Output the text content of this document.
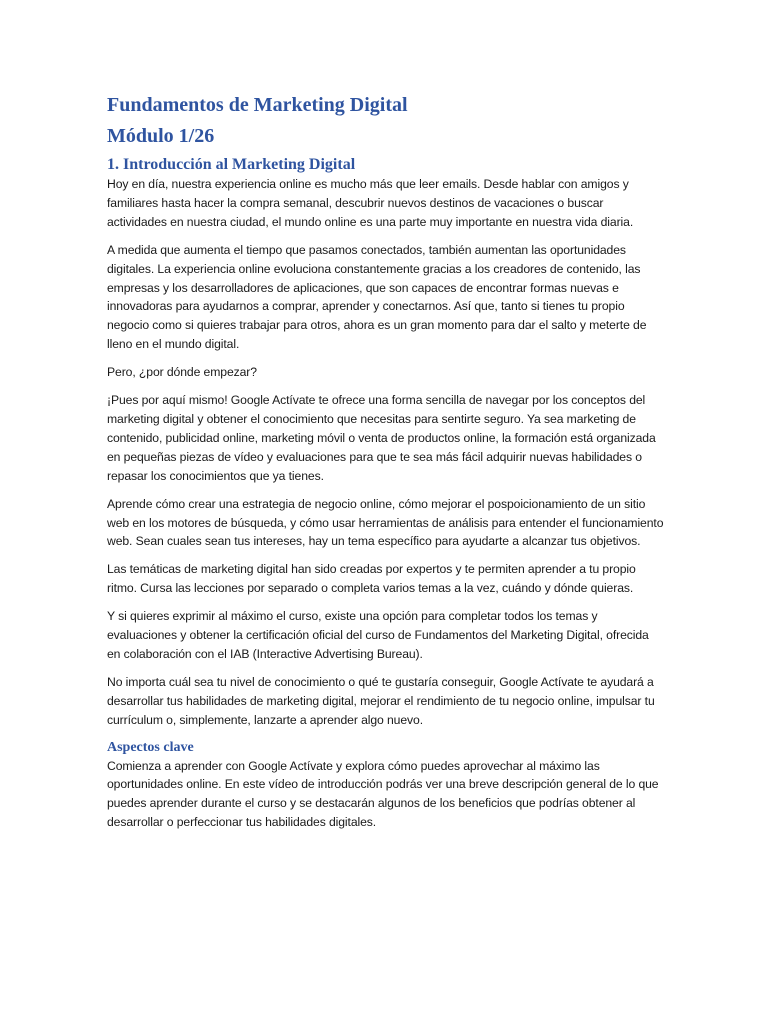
Fundamentos de Marketing Digital
Módulo 1/26
1. Introducción al Marketing Digital

Hoy en día, nuestra experiencia online es mucho más que leer emails. Desde hablar con amigos y familiares hasta hacer la compra semanal, descubrir nuevos destinos de vacaciones o buscar actividades en nuestra ciudad, el mundo online es una parte muy importante en nuestra vida diaria.

A medida que aumenta el tiempo que pasamos conectados, también aumentan las oportunidades digitales. La experiencia online evoluciona constantemente gracias a los creadores de contenido, las empresas y los desarrolladores de aplicaciones, que son capaces de encontrar formas nuevas e innovadoras para ayudarnos a comprar, aprender y conectarnos. Así que, tanto si tienes tu propio negocio como si quieres trabajar para otros, ahora es un gran momento para dar el salto y meterte de lleno en el mundo digital.

Pero, ¿por dónde empezar?

¡Pues por aquí mismo! Google Actívate te ofrece una forma sencilla de navegar por los conceptos del marketing digital y obtener el conocimiento que necesitas para sentirte seguro. Ya sea marketing de contenido, publicidad online, marketing móvil o venta de productos online, la formación está organizada en pequeñas piezas de vídeo y evaluaciones para que te sea más fácil adquirir nuevas habilidades o repasar los conocimientos que ya tienes.

Aprende cómo crear una estrategia de negocio online, cómo mejorar el pospoicionamiento de un sitio web en los motores de búsqueda, y cómo usar herramientas de análisis para entender el funcionamiento web. Sean cuales sean tus intereses, hay un tema específico para ayudarte a alcanzar tus objetivos.

Las temáticas de marketing digital han sido creadas por expertos y te permiten aprender a tu propio ritmo. Cursa las lecciones por separado o completa varios temas a la vez, cuándo y dónde quieras.

Y si quieres exprimir al máximo el curso, existe una opción para completar todos los temas y evaluaciones y obtener la certificación oficial del curso de Fundamentos del Marketing Digital, ofrecida en colaboración con el IAB (Interactive Advertising Bureau).

No importa cuál sea tu nivel de conocimiento o qué te gustaría conseguir, Google Actívate te ayudará a desarrollar tus habilidades de marketing digital, mejorar el rendimiento de tu negocio online, impulsar tu currículum o, simplemente, lanzarte a aprender algo nuevo.

Aspectos clave

Comienza a aprender con Google Actívate y explora cómo puedes aprovechar al máximo las oportunidades online. En este vídeo de introducción podrás ver una breve descripción general de lo que puedes aprender durante el curso y se destacarán algunos de los beneficios que podrías obtener al desarrollar o perfeccionar tus habilidades digitales.
